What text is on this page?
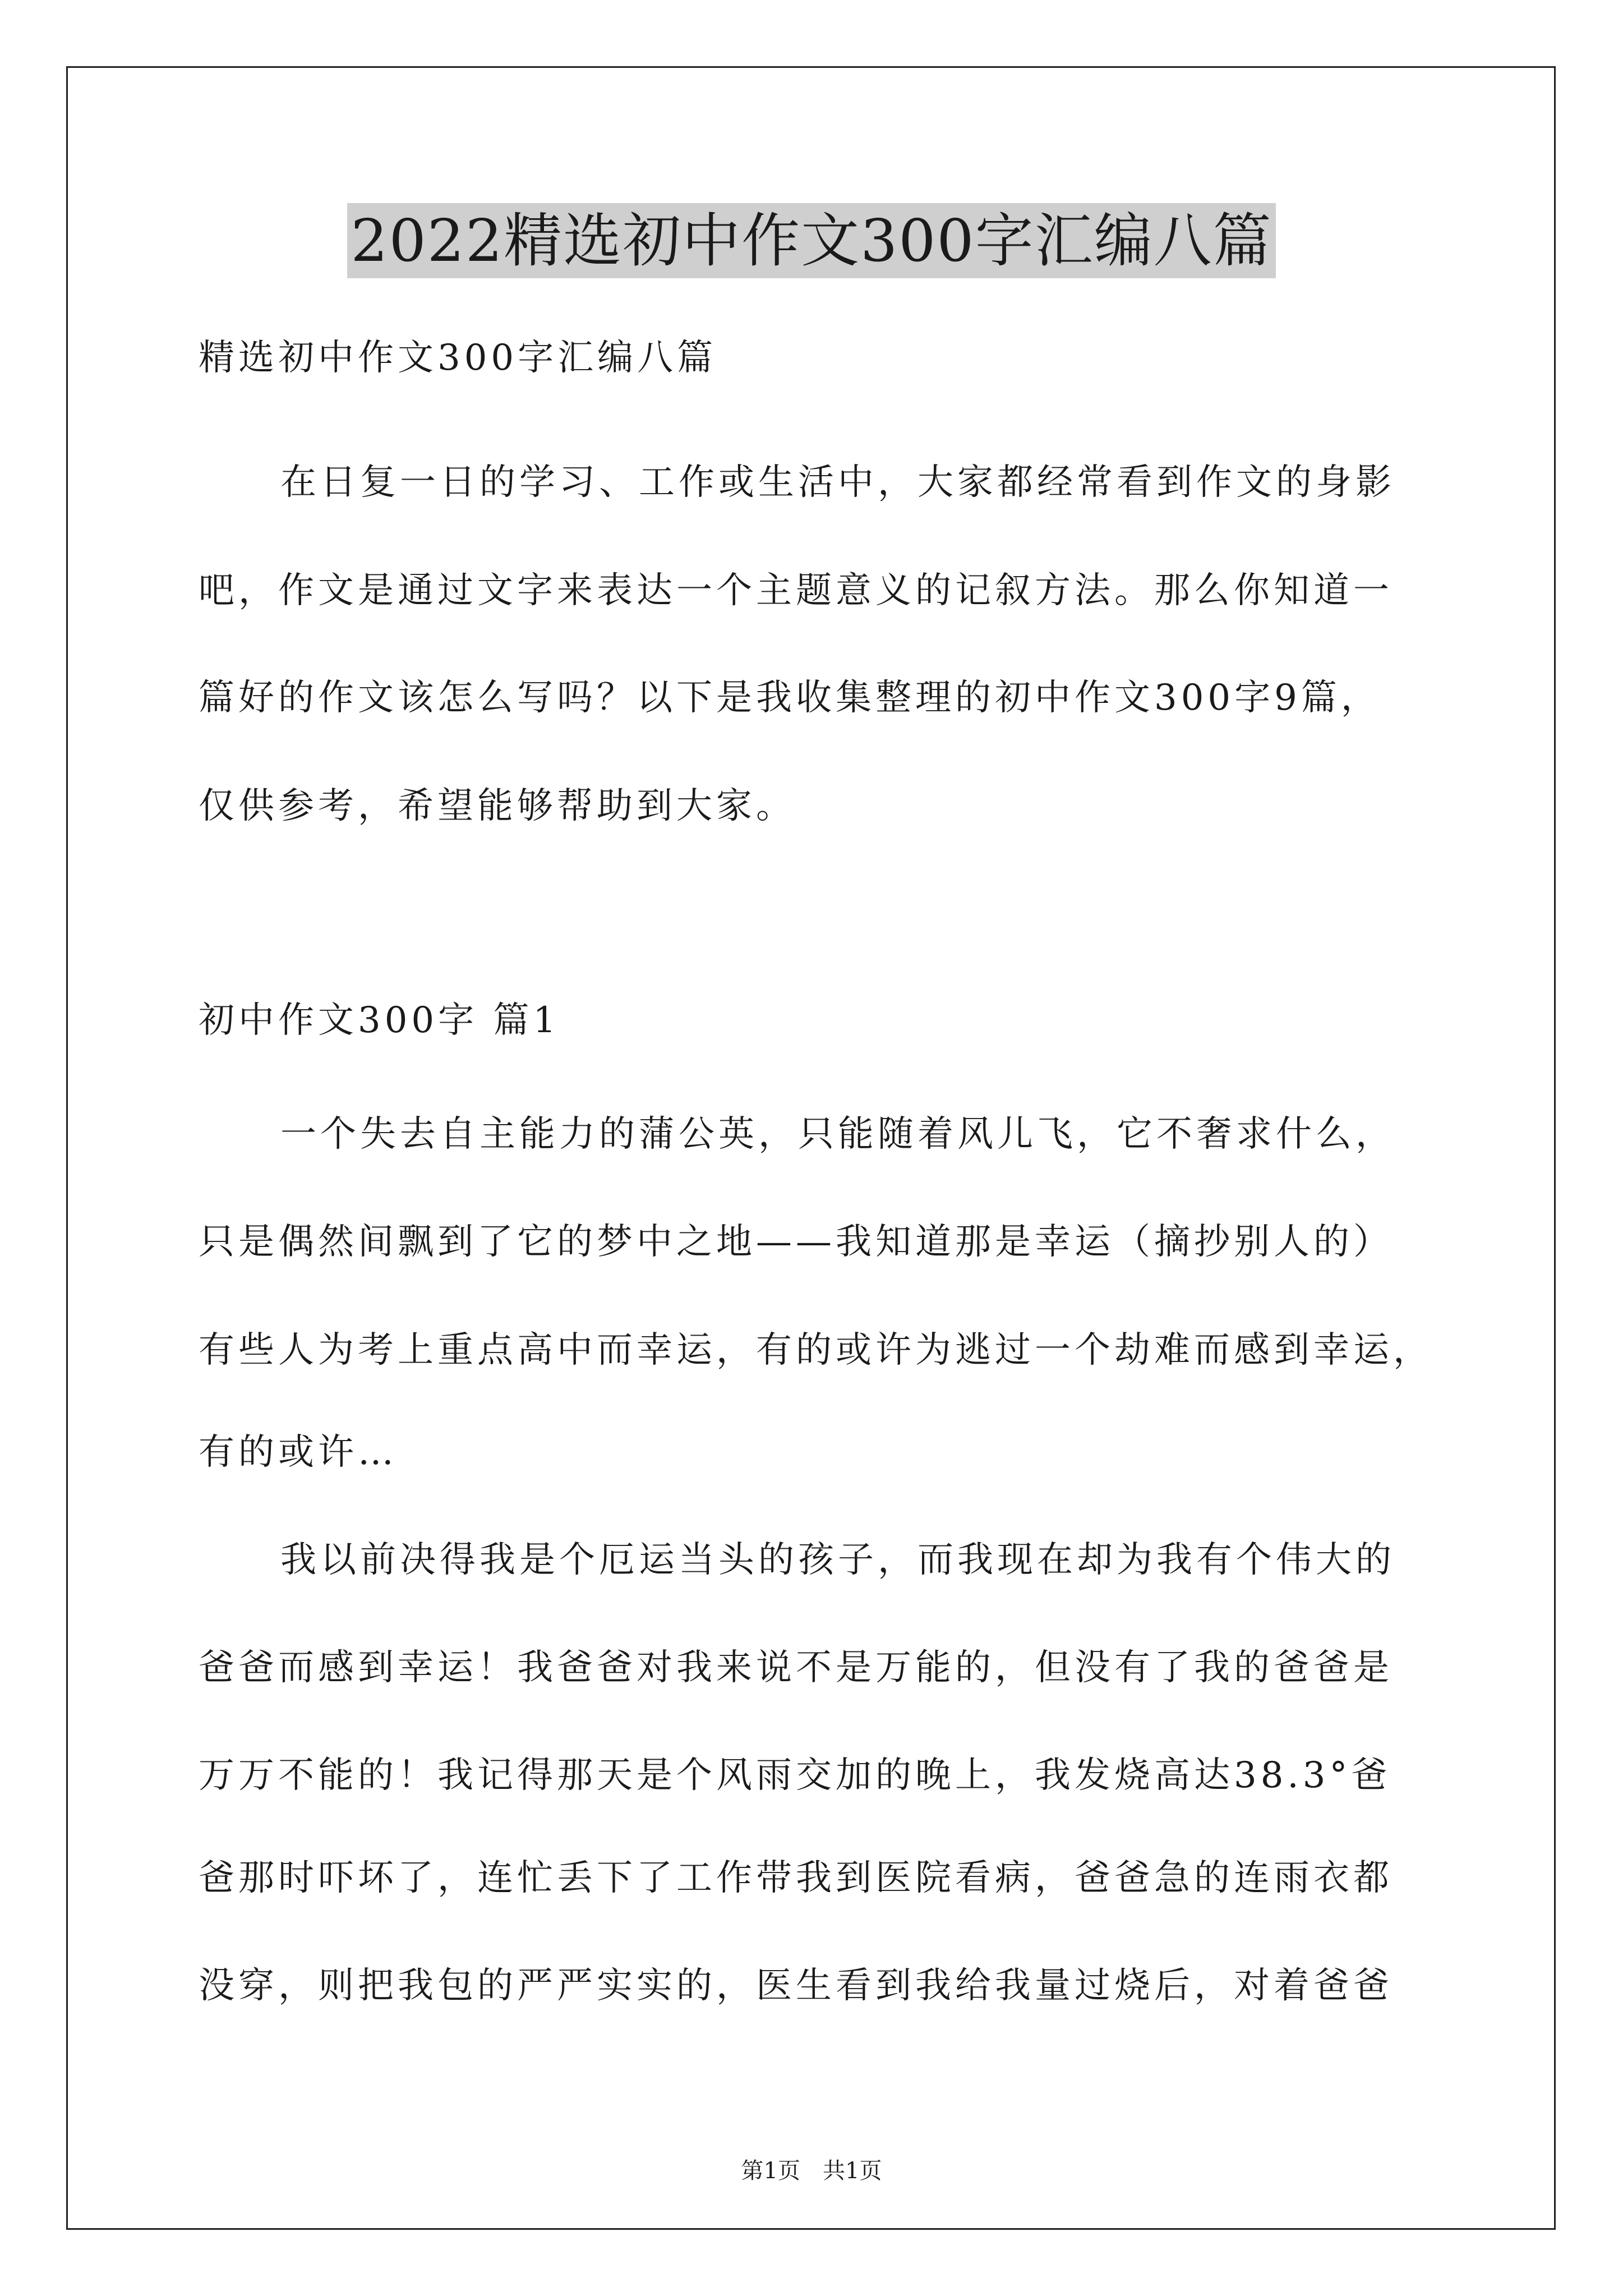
2022精选初中作文300字汇编八篇
精选初中作文300字汇编八篇
在日复一日的学习、工作或生活中，大家都经常看到作文的身影
吧，作文是通过文字来表达一个主题意义的记叙方法。那么你知道一
篇好的作文该怎么写吗？以下是我收集整理的初中作文300字9篇，
仅供参考，希望能够帮助到大家。
初中作文300字 篇1
一个失去自主能力的蒲公英，只能随着风儿飞，它不奢求什么，
只是偶然间飘到了它的梦中之地——我知道那是幸运（摘抄别人的）
有些人为考上重点高中而幸运，有的或许为逃过一个劫难而感到幸运，
有的或许…
我以前决得我是个厄运当头的孩子，而我现在却为我有个伟大的
爸爸而感到幸运！我爸爸对我来说不是万能的，但没有了我的爸爸是
万万不能的！我记得那天是个风雨交加的晚上，我发烧高达38.3°爸
爸那时吓坏了，连忙丢下了工作带我到医院看病，爸爸急的连雨衣都
没穿，则把我包的严严实实的，医生看到我给我量过烧后，对着爸爸
第1页　共1页
